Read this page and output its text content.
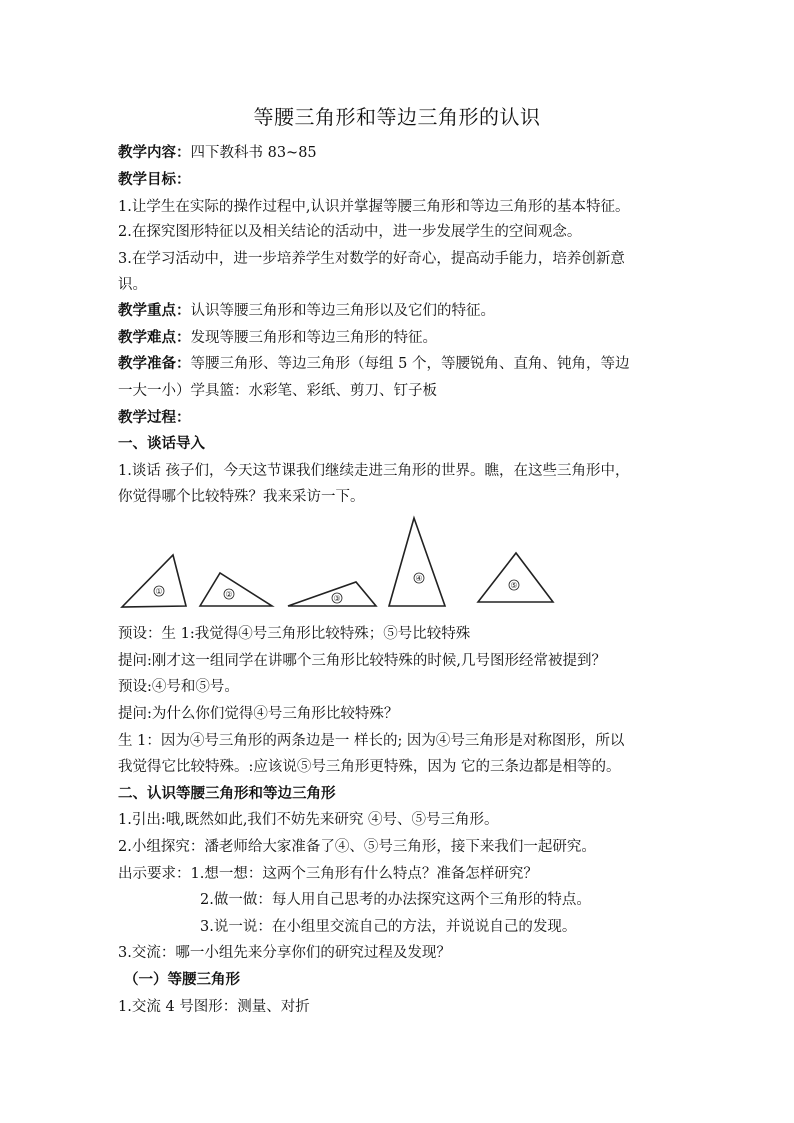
等腰三角形和等边三角形的认识
教学内容：四下教科书 83~85
教学目标：
1.让学生在实际的操作过程中,认识并掌握等腰三角形和等边三角形的基本特征。
2.在探究图形特征以及相关结论的活动中，进一步发展学生的空间观念。
3.在学习活动中，进一步培养学生对数学的好奇心，提高动手能力，培养创新意
识。
教学重点：认识等腰三角形和等边三角形以及它们的特征。
教学难点：发现等腰三角形和等边三角形的特征。
教学准备：等腰三角形、等边三角形（每组 5 个，等腰锐角、直角、钝角，等边
一大一小）学具篮：水彩笔、彩纸、剪刀、钉子板
教学过程：
一、谈话导入
1.谈话 孩子们，今天这节课我们继续走进三角形的世界。瞧，在这些三角形中，
你觉得哪个比较特殊？我来采访一下。
①	②	③
④
⑤
预设：生 1:我觉得④号三角形比较特殊；⑤号比较特殊
提问:刚才这一组同学在讲哪个三角形比较特殊的时候,几号图形经常被提到？
预设:④号和⑤号。
提问:为什么你们觉得④号三角形比较特殊？
生 1：因为④号三角形的两条边是一 样长的; 因为④号三角形是对称图形，所以
我觉得它比较特殊。:应该说⑤号三角形更特殊，因为 它的三条边都是相等的。
二、认识等腰三角形和等边三角形
1.引出:哦,既然如此,我们不妨先来研究 ④号、⑤号三角形。
2.小组探究：潘老师给大家准备了④、⑤号三角形，接下来我们一起研究。
出示要求：1.想一想：这两个三角形有什么特点？准备怎样研究？
2.做一做：每人用自己思考的办法探究这两个三角形的特点。
3.说一说：在小组里交流自己的方法，并说说自己的发现。
3.交流：哪一小组先来分享你们的研究过程及发现？
（一）等腰三角形
1.交流 4 号图形：测量、对折
